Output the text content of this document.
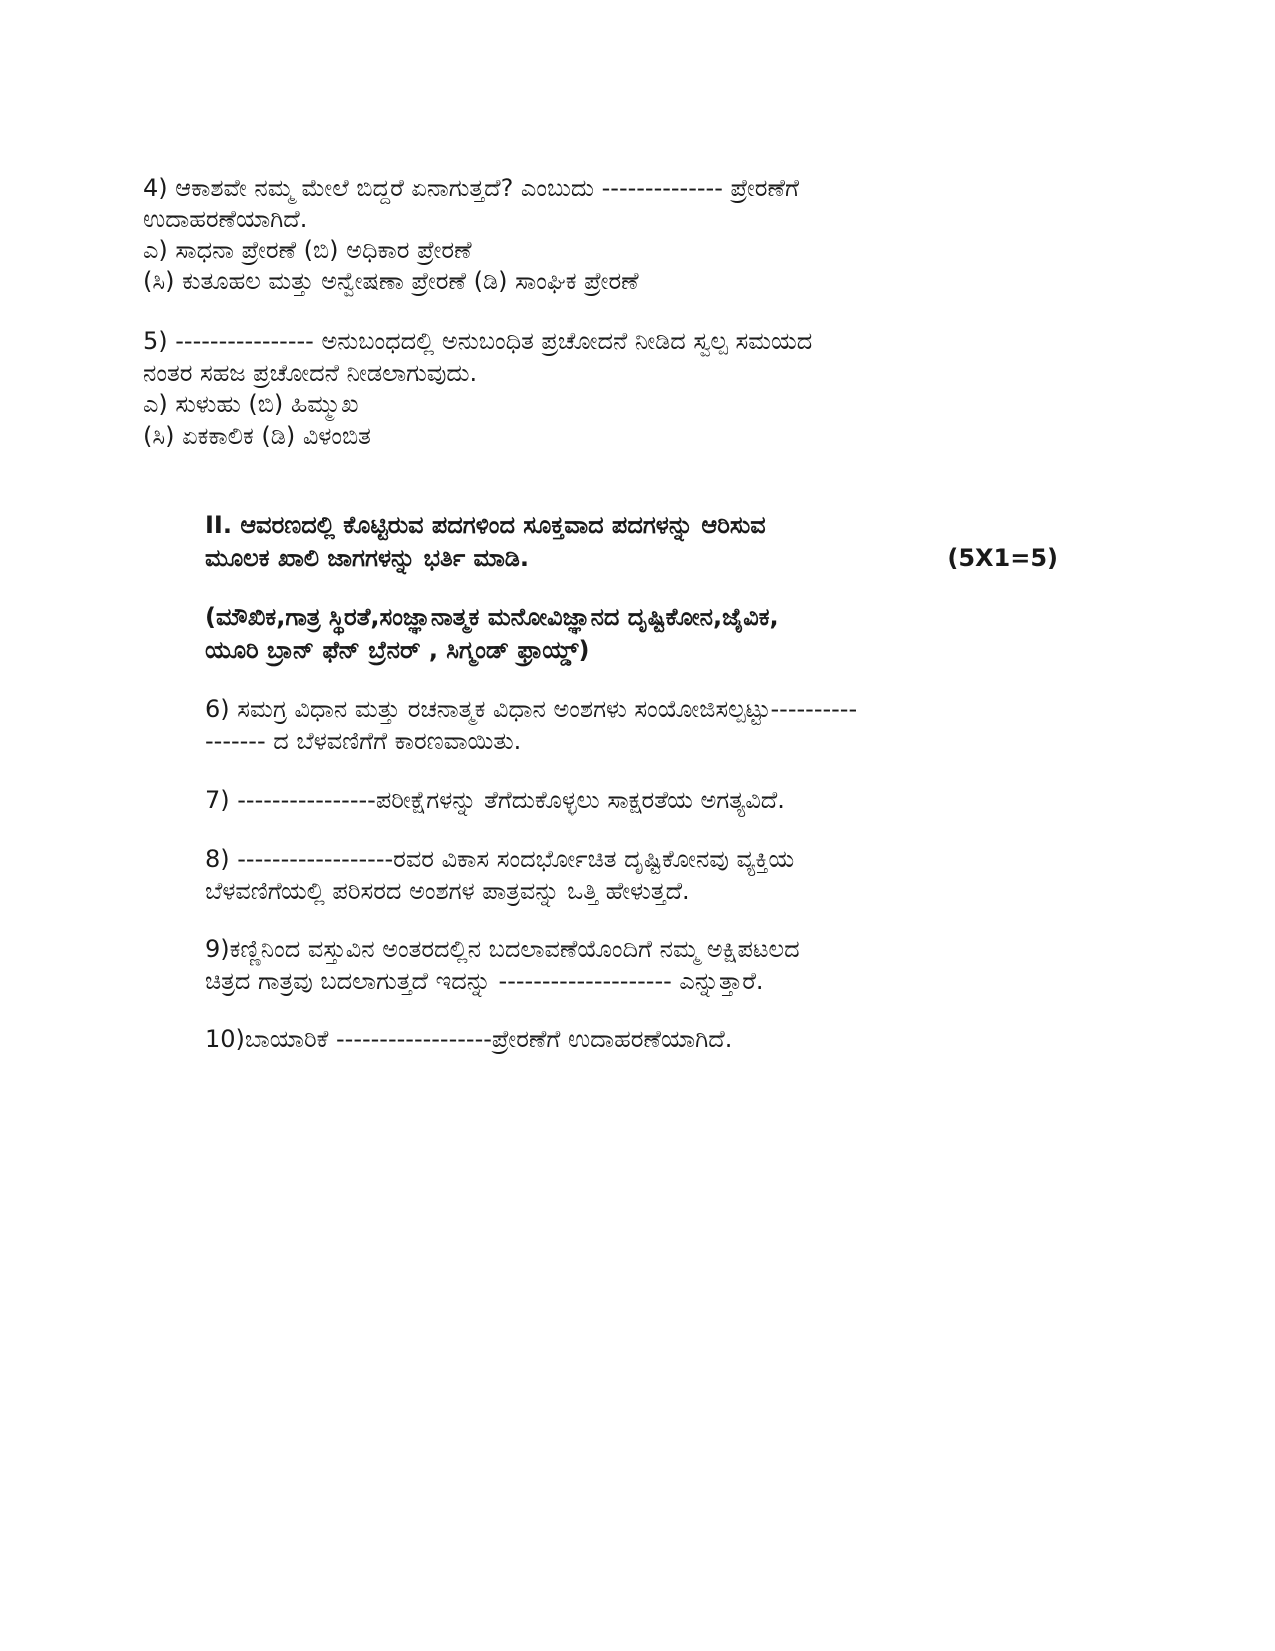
4) ಆಕಾಶವೇ ನಮ್ಮ ಮೇಲೆ ಬಿದ್ದರೆ ಏನಾಗುತ್ತದೆ? ಎಂಬುದು -------------- ಪ್ರೇರಣೆಗೆ
ಉದಾಹರಣೆಯಾಗಿದೆ.
ಎ) ಸಾಧನಾ ಪ್ರೇರಣೆ (ಬಿ) ಅಧಿಕಾರ ಪ್ರೇರಣೆ
(ಸಿ) ಕುತೂಹಲ ಮತ್ತು ಅನ್ವೇಷಣಾ ಪ್ರೇರಣೆ (ಡಿ) ಸಾಂಘಿಕ ಪ್ರೇರಣೆ
5) ---------------- ಅನುಬಂಧದಲ್ಲಿ ಅನುಬಂಧಿತ ಪ್ರಚೋದನೆ ನೀಡಿದ ಸ್ವಲ್ಪ ಸಮಯದ
ನಂತರ ಸಹಜ ಪ್ರಚೋದನೆ ನೀಡಲಾಗುವುದು.
ಎ) ಸುಳುಹು (ಬಿ) ಹಿಮ್ಮುಖ
(ಸಿ) ಏಕಕಾಲಿಕ (ಡಿ) ವಿಳಂಬಿತ
II. ಆವರಣದಲ್ಲಿ ಕೊಟ್ಟಿರುವ ಪದಗಳಿಂದ ಸೂಕ್ತವಾದ ಪದಗಳನ್ನು ಆರಿಸುವ
ಮೂಲಕ ಖಾಲಿ ಜಾಗಗಳನ್ನು ಭರ್ತಿ ಮಾಡಿ.	(5X1=5)
(ಮೌಖಿಕ,ಗಾತ್ರ ಸ್ಥಿರತೆ,ಸಂಜ್ಞಾನಾತ್ಮಕ ಮನೋವಿಜ್ಞಾನದ ದೃಷ್ಟಿಕೋನ,ಜೈವಿಕ,
ಯೂರಿ ಬ್ರಾನ್ ಫೆನ್ ಬ್ರೆನರ್ , ಸಿಗ್ಮಂಡ್ ಫ್ರಾಯ್ಡ್)
6) ಸಮಗ್ರ ವಿಧಾನ ಮತ್ತು ರಚನಾತ್ಮಕ ವಿಧಾನ ಅಂಶಗಳು ಸಂಯೋಜಿಸಲ್ಪಟ್ಟು----------
------- ದ ಬೆಳವಣಿಗೆಗೆ ಕಾರಣವಾಯಿತು.
7) ----------------ಪರೀಕ್ಷೆಗಳನ್ನು ತೆಗೆದುಕೊಳ್ಳಲು ಸಾಕ್ಷರತೆಯ ಅಗತ್ಯವಿದೆ.
8) ------------------ರವರ ವಿಕಾಸ ಸಂದರ್ಭೋಚಿತ ದೃಷ್ಟಿಕೋನವು ವ್ಯಕ್ತಿಯ
ಬೆಳವಣಿಗೆಯಲ್ಲಿ ಪರಿಸರದ ಅಂಶಗಳ ಪಾತ್ರವನ್ನು ಒತ್ತಿ ಹೇಳುತ್ತದೆ.
9)ಕಣ್ಣಿನಿಂದ ವಸ್ತುವಿನ ಅಂತರದಲ್ಲಿನ ಬದಲಾವಣೆಯೊಂದಿಗೆ ನಮ್ಮ ಅಕ್ಷಿಪಟಲದ
ಚಿತ್ರದ ಗಾತ್ರವು ಬದಲಾಗುತ್ತದೆ ಇದನ್ನು -------------------- ಎನ್ನುತ್ತಾರೆ.
10)ಬಾಯಾರಿಕೆ ------------------ಪ್ರೇರಣೆಗೆ ಉದಾಹರಣೆಯಾಗಿದೆ.
